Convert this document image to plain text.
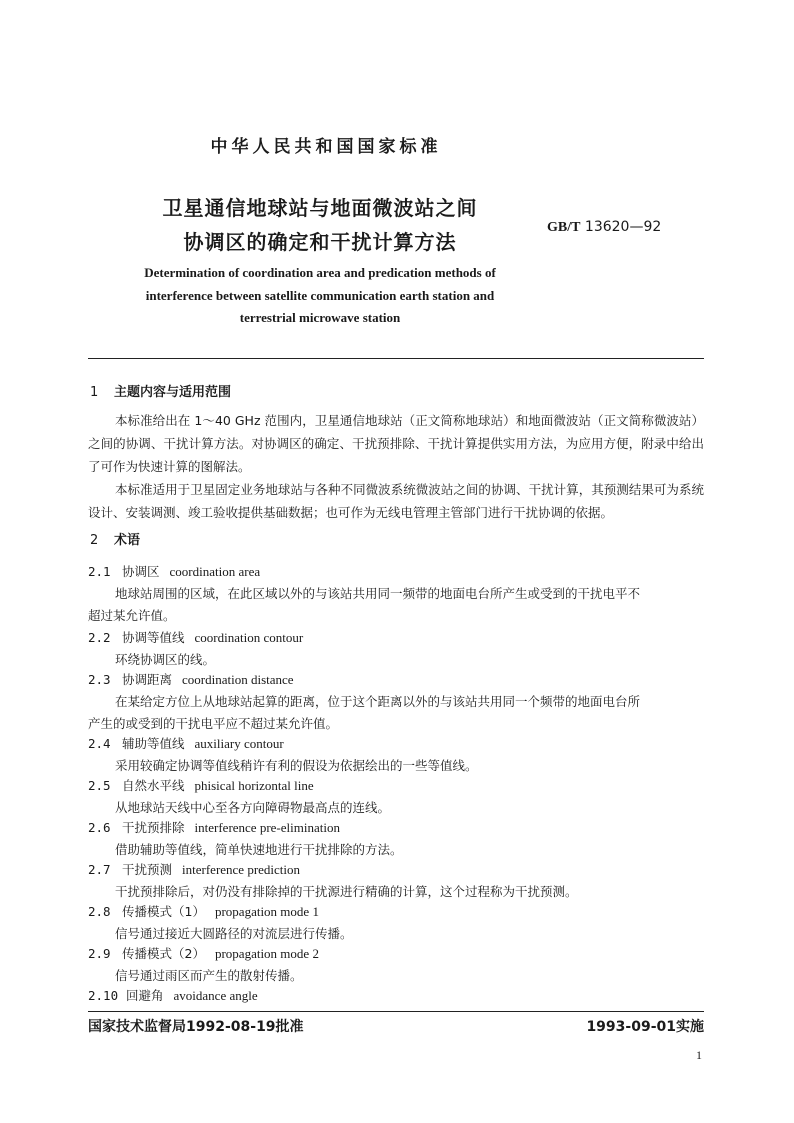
中华人民共和国国家标准
卫星通信地球站与地面微波站之间
协调区的确定和干扰计算方法
GB/T 13620—92
Determination of coordination area and predication methods of
interference between satellite communication earth station and
terrestrial microwave station
1 主题内容与适用范围
本标准给出在 1～40 GHz 范围内，卫星通信地球站（正文简称地球站）和地面微波站（正文简称微波站）之间的协调、干扰计算方法。对协调区的确定、干扰预排除、干扰计算提供实用方法，为应用方便，附录中给出了可作为快速计算的图解法。
本标准适用于卫星固定业务地球站与各种不同微波系统微波站之间的协调、干扰计算，其预测结果可为系统设计、安装调测、竣工验收提供基础数据；也可作为无线电管理主管部门进行干扰协调的依据。
2 术语
2.1 协调区 coordination area
地球站周围的区域，在此区域以外的与该站共用同一频带的地面电台所产生或受到的干扰电平不
超过某允许值。
2.2 协调等值线 coordination contour
环绕协调区的线。
2.3 协调距离 coordination distance
在某给定方位上从地球站起算的距离，位于这个距离以外的与该站共用同一个频带的地面电台所
产生的或受到的干扰电平应不超过某允许值。
2.4 辅助等值线 auxiliary contour
采用较确定协调等值线稍许有利的假设为依据绘出的一些等值线。
2.5 自然水平线 phisical horizontal line
从地球站天线中心至各方向障碍物最高点的连线。
2.6 干扰预排除 interference pre-elimination
借助辅助等值线，简单快速地进行干扰排除的方法。
2.7 干扰预测 interference prediction
干扰预排除后，对仍没有排除掉的干扰源进行精确的计算，这个过程称为干扰预测。
2.8 传播模式（1） propagation mode 1
信号通过接近大圆路径的对流层进行传播。
2.9 传播模式（2） propagation mode 2
信号通过雨区而产生的散射传播。
2.10 回避角 avoidance angle
国家技术监督局1992-08-19批准	1993-09-01实施
1
